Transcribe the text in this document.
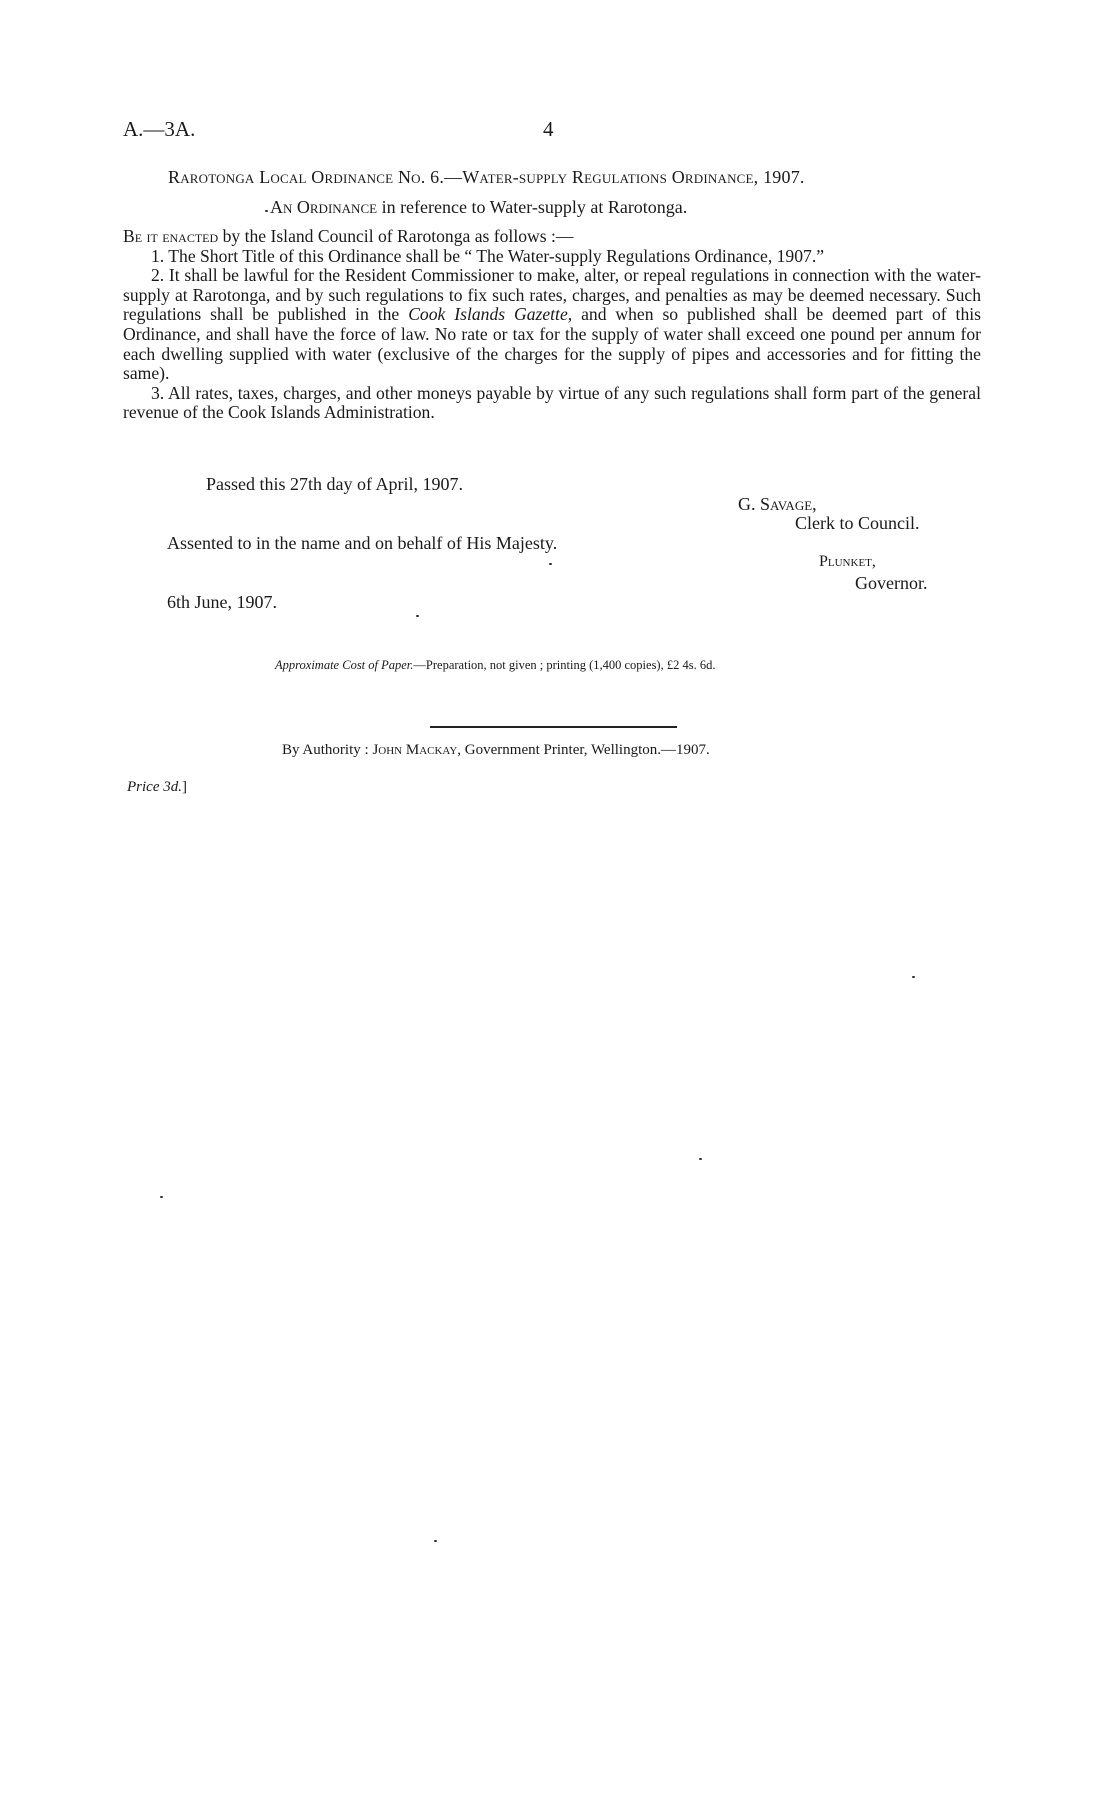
A.—3A.	4
Rarotonga Local Ordinance No. 6.—Water-supply Regulations Ordinance, 1907.
An Ordinance in reference to Water-supply at Rarotonga.

Be it enacted by the Island Council of Rarotonga as follows :—

1. The Short Title of this Ordinance shall be “ The Water-supply Regulations Ordinance, 1907.”

2. It shall be lawful for the Resident Commissioner to make, alter, or repeal regulations in connection with the water-supply at Rarotonga, and by such regulations to fix such rates, charges, and penalties as may be deemed necessary. Such regulations shall be published in the Cook Islands Gazette, and when so published shall be deemed part of this Ordinance, and shall have the force of law. No rate or tax for the supply of water shall exceed one pound per annum for each dwelling supplied with water (exclusive of the charges for the supply of pipes and accessories and for fitting the same).

3. All rates, taxes, charges, and other moneys payable by virtue of any such regulations shall form part of the general revenue of the Cook Islands Administration.

Passed this 27th day of April, 1907.
G. Savage,
Clerk to Council.
Assented to in the name and on behalf of His Majesty.
Plunket,
Governor.
6th June, 1907.
Approximate Cost of Paper.—Preparation, not given ; printing (1,400 copies), £2 4s. 6d.
By Authority : John Mackay, Government Printer, Wellington.—1907.
Price 3d.]
